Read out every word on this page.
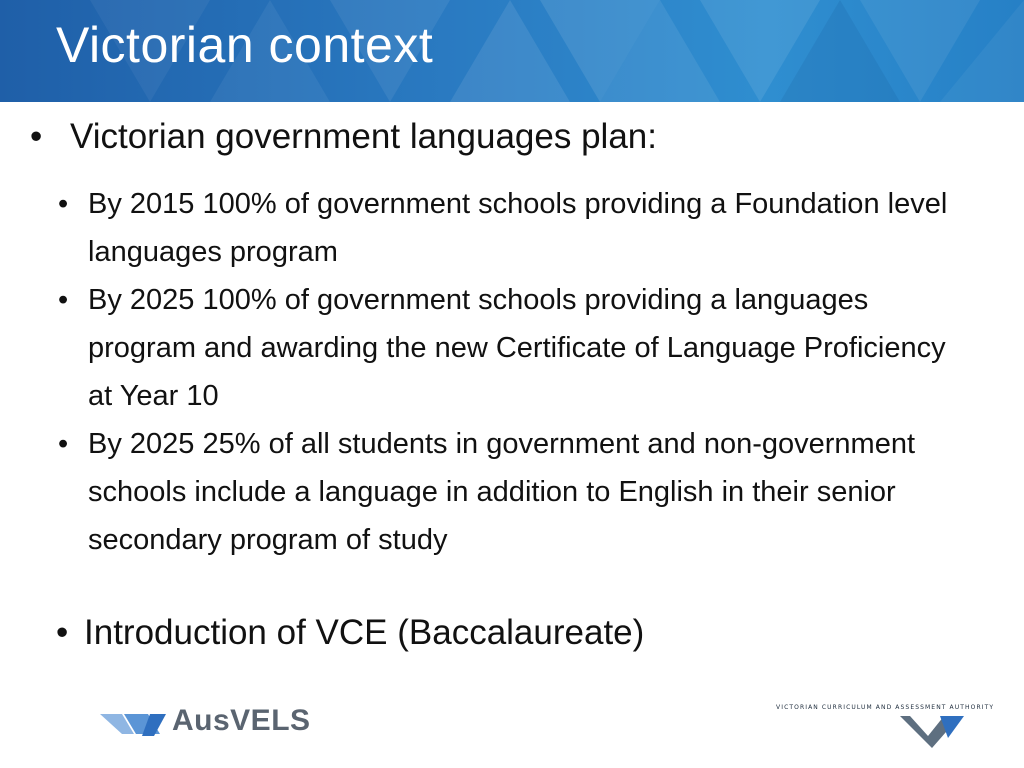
Victorian context
• Victorian government languages plan:
• By 2015 100% of government schools providing a Foundation level languages program
• By 2025 100% of government schools providing a languages program and awarding the new Certificate of Language Proficiency at Year 10
• By 2025 25% of all students in government and non-government schools include a language in addition to English in their senior secondary program of study
• Introduction of VCE (Baccalaureate)
AusVELS	VICTORIAN CURRICULUM AND ASSESSMENT AUTHORITY
